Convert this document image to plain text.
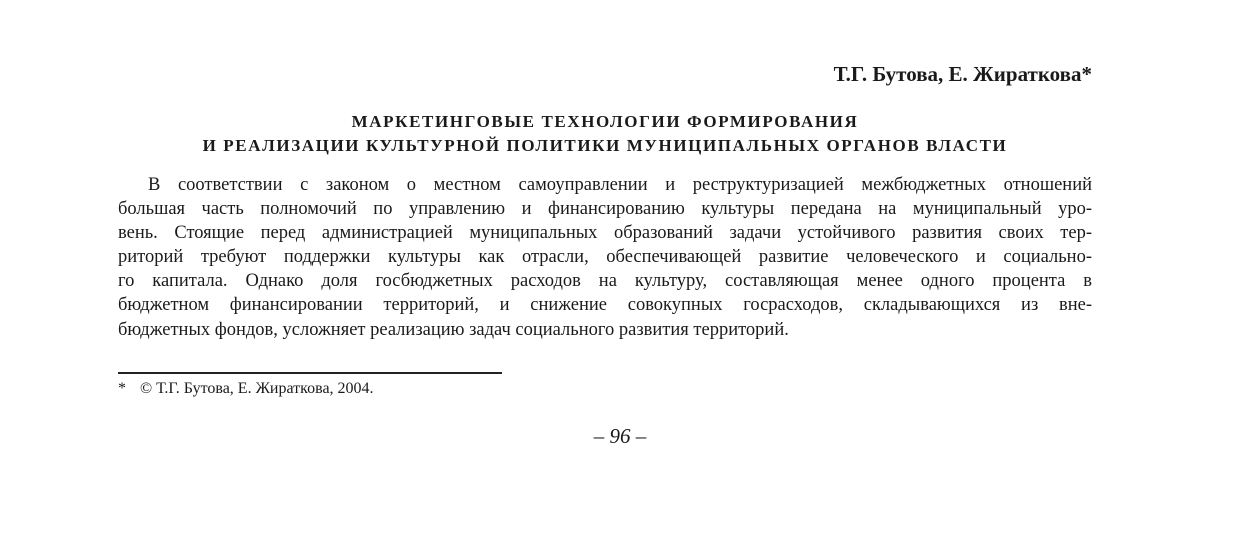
Т.Г. Бутова, Е. Жираткова*
МАРКЕТИНГОВЫЕ ТЕХНОЛОГИИ ФОРМИРОВАНИЯ
И РЕАЛИЗАЦИИ КУЛЬТУРНОЙ ПОЛИТИКИ МУНИЦИПАЛЬНЫХ ОРГАНОВ ВЛАСТИ
В соответствии с законом о местном самоуправлении и реструктуризацией межбюджетных отношений
большая часть полномочий по управлению и финансированию культуры передана на муниципальный уро-
вень. Стоящие перед администрацией муниципальных образований задачи устойчивого развития своих тер-
риторий требуют поддержки культуры как отрасли, обеспечивающей развитие человеческого и социально-
го капитала. Однако доля госбюджетных расходов на культуру, составляющая менее одного процента в
бюджетном финансировании территорий, и снижение совокупных госрасходов, складывающихся из вне-
бюджетных фондов, усложняет реализацию задач социального развития территорий.
* © Т.Г. Бутова, Е. Жираткова, 2004.
– 96 –
